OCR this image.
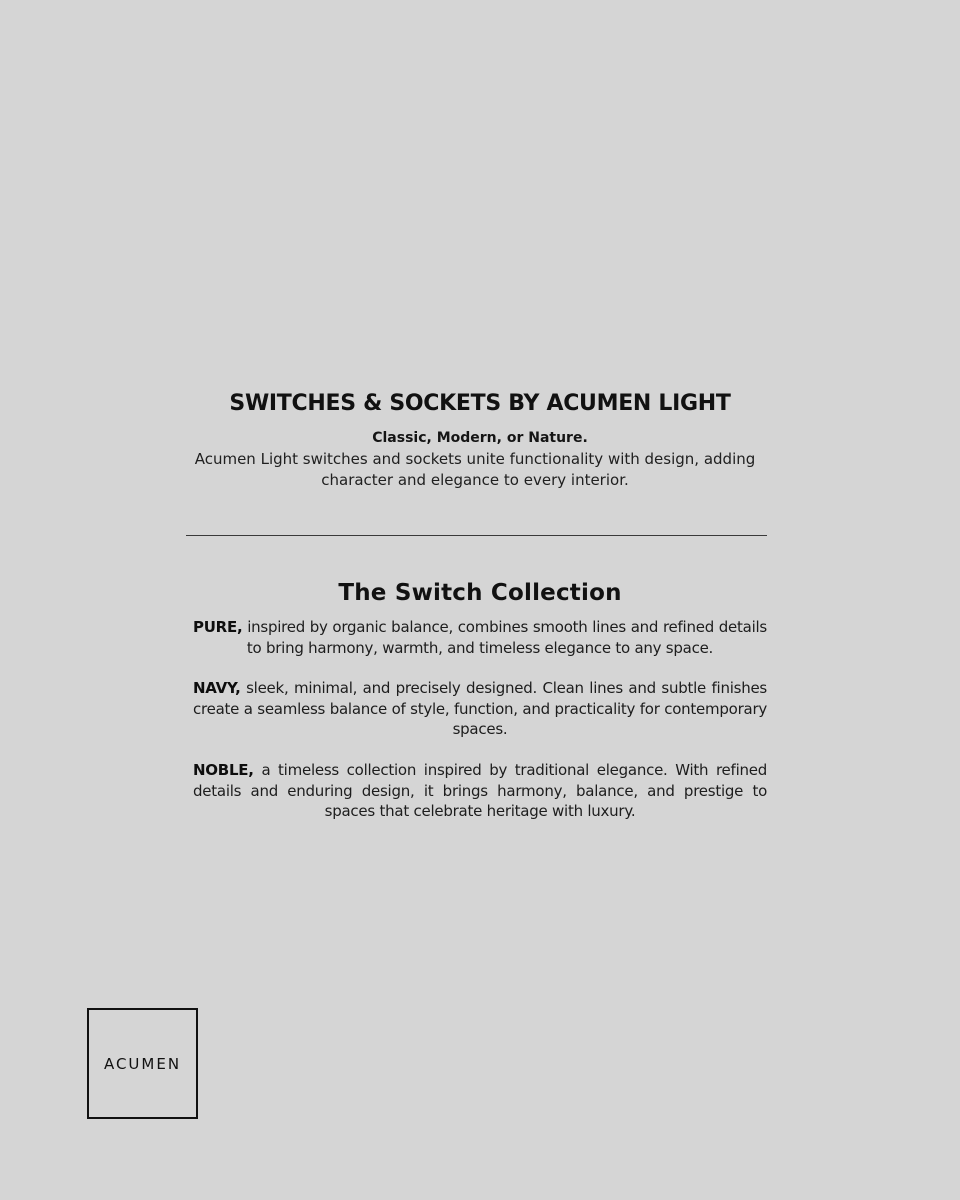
SWITCHES & SOCKETS BY ACUMEN LIGHT
Classic, Modern, or Nature.
Acumen Light switches and sockets unite functionality with design, adding character and elegance to every interior.
The Switch Collection

PURE, inspired by organic balance, combines smooth lines and refined details to bring harmony, warmth, and timeless elegance to any space.

NAVY, sleek, minimal, and precisely designed. Clean lines and subtle finishes create a seamless balance of style, function, and practicality for contemporary spaces.

NOBLE, a timeless collection inspired by traditional elegance. With refined details and enduring design, it brings harmony, balance, and prestige to spaces that celebrate heritage with luxury.

ACUMEN
